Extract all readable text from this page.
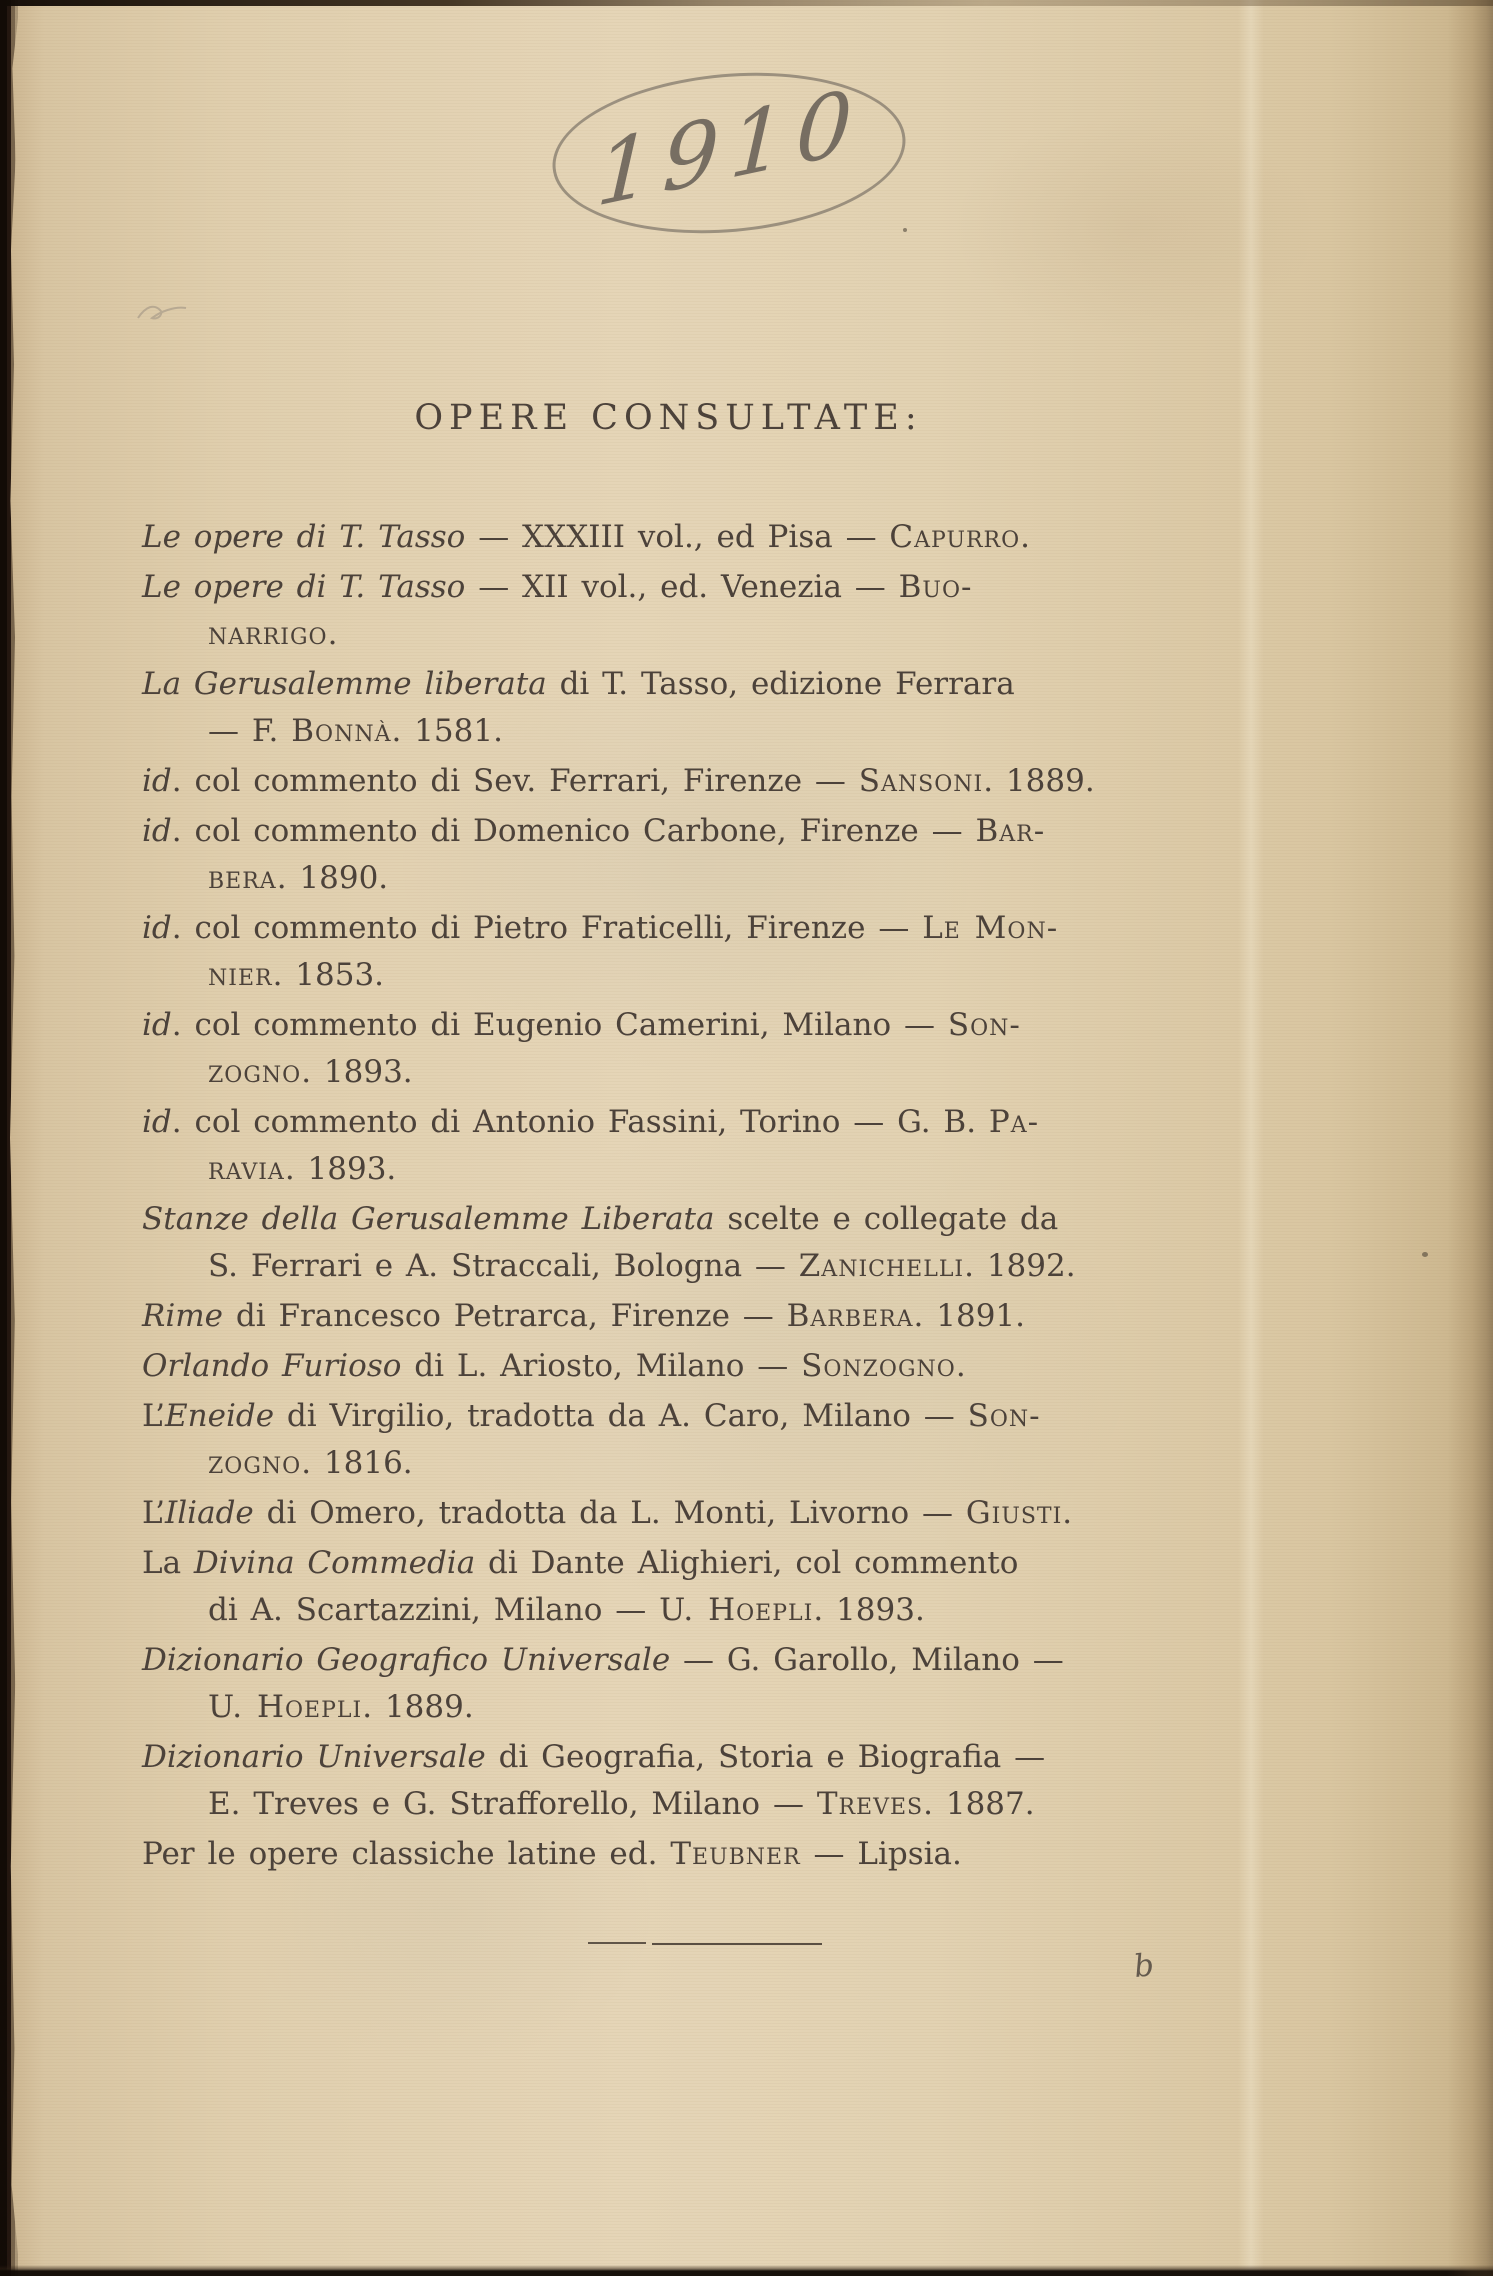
1910
OPERE CONSULTATE:
Le opere di T. Tasso — XXXIII vol., ed Pisa — Capurro.
Le opere di T. Tasso — XII vol., ed. Venezia — Buo-
narrigo.
La Gerusalemme liberata di T. Tasso, edizione Ferrara
— F. Bonnà. 1581.
id. col commento di Sev. Ferrari, Firenze — Sansoni. 1889.
id. col commento di Domenico Carbone, Firenze — Bar-
bera. 1890.
id. col commento di Pietro Fraticelli, Firenze — Le Mon-
nier. 1853.
id. col commento di Eugenio Camerini, Milano — Son-
zogno. 1893.
id. col commento di Antonio Fassini, Torino — G. B. Pa-
ravia. 1893.
Stanze della Gerusalemme Liberata scelte e collegate da
S. Ferrari e A. Straccali, Bologna — Zanichelli. 1892.
Rime di Francesco Petrarca, Firenze — Barbera. 1891.
Orlando Furioso di L. Ariosto, Milano — Sonzogno.
L’Eneide di Virgilio, tradotta da A. Caro, Milano — Son-
zogno. 1816.
L’Iliade di Omero, tradotta da L. Monti, Livorno — Giusti.
La Divina Commedia di Dante Alighieri, col commento
di A. Scartazzini, Milano — U. Hoepli. 1893.
Dizionario Geografico Universale — G. Garollo, Milano —
U. Hoepli. 1889.
Dizionario Universale di Geografia, Storia e Biografia —
E. Treves e G. Strafforello, Milano — Treves. 1887.
Per le opere classiche latine ed. Teubner — Lipsia.
b
